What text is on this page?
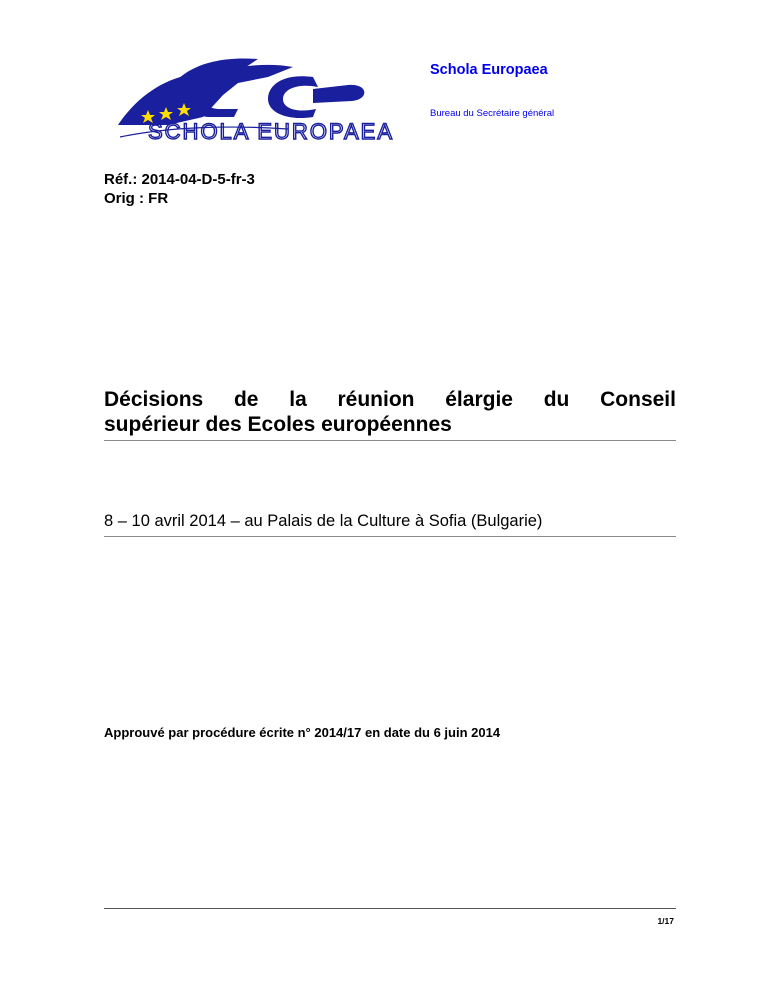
SCHOLA EUROPAEA
Schola Europaea
Bureau du Secrétaire général
Réf.: 2014-04-D-5-fr-3
Orig : FR
Décisions de la réunion élargie du Conseil
supérieur des Ecoles européennes
8 – 10 avril 2014 – au Palais de la Culture à Sofia (Bulgarie)
Approuvé par procédure écrite n° 2014/17 en date du 6 juin 2014
1/17
